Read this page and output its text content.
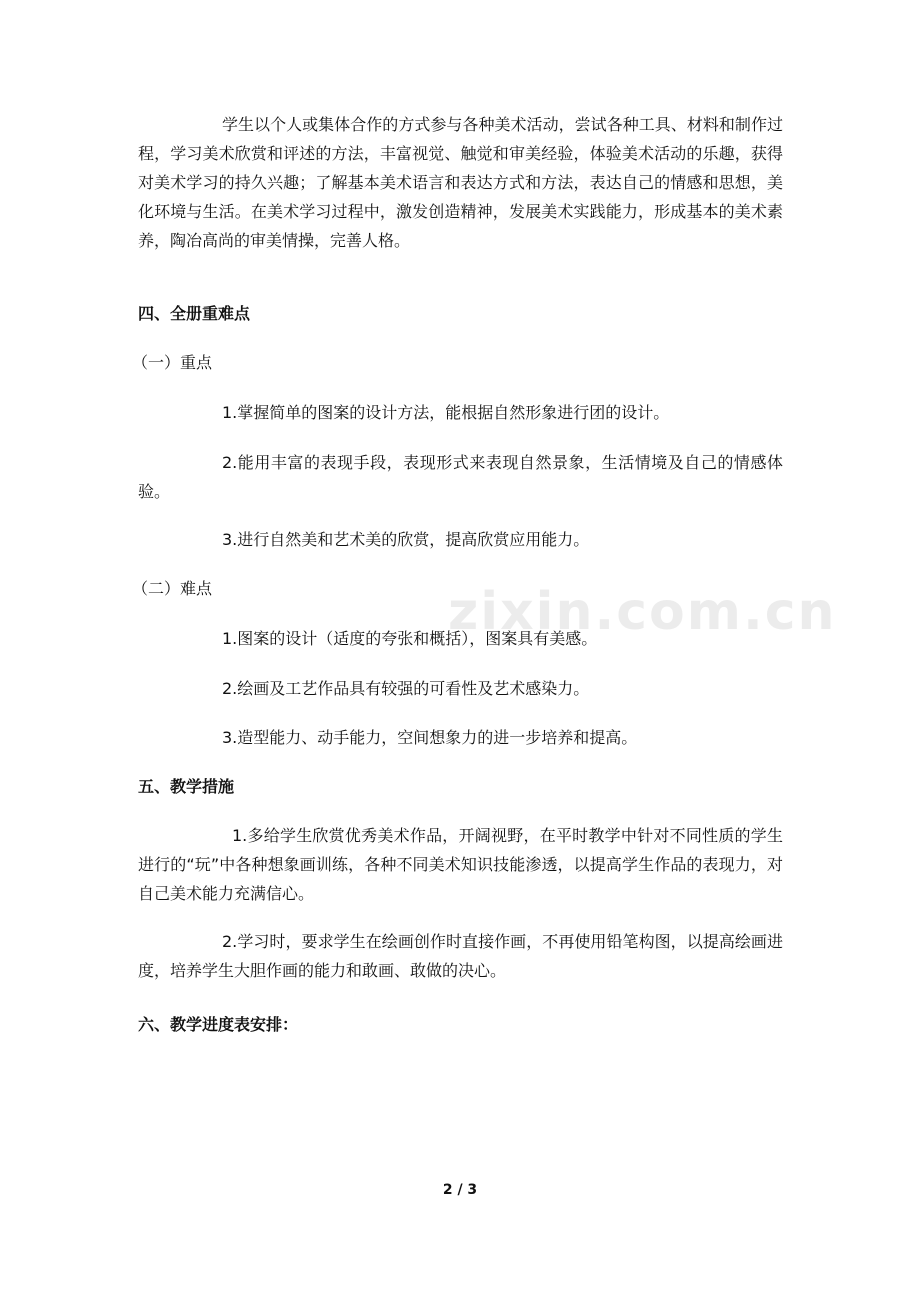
学生以个人或集体合作的方式参与各种美术活动，尝试各种工具、材料和制作过程，学习美术欣赏和评述的方法，丰富视觉、触觉和审美经验，体验美术活动的乐趣，获得对美术学习的持久兴趣；了解基本美术语言和表达方式和方法，表达自己的情感和思想，美化环境与生活。在美术学习过程中，激发创造精神，发展美术实践能力，形成基本的美术素养，陶冶高尚的审美情操，完善人格。

四、全册重难点

（一）重点

1.掌握简单的图案的设计方法，能根据自然形象进行团的设计。

2.能用丰富的表现手段，表现形式来表现自然景象，生活情境及自己的情感体验。

3.进行自然美和艺术美的欣赏，提高欣赏应用能力。

（二）难点

1.图案的设计（适度的夸张和概括），图案具有美感。

2.绘画及工艺作品具有较强的可看性及艺术感染力。

3.造型能力、动手能力，空间想象力的进一步培养和提高。

五、教学措施

1.多给学生欣赏优秀美术作品，开阔视野，在平时教学中针对不同性质的学生进行的“玩”中各种想象画训练，各种不同美术知识技能渗透，以提高学生作品的表现力，对自己美术能力充满信心。

2.学习时，要求学生在绘画创作时直接作画，不再使用铅笔构图，以提高绘画进度，培养学生大胆作画的能力和敢画、敢做的决心。

六、教学进度表安排：

zixin.com.cn
2 / 3
